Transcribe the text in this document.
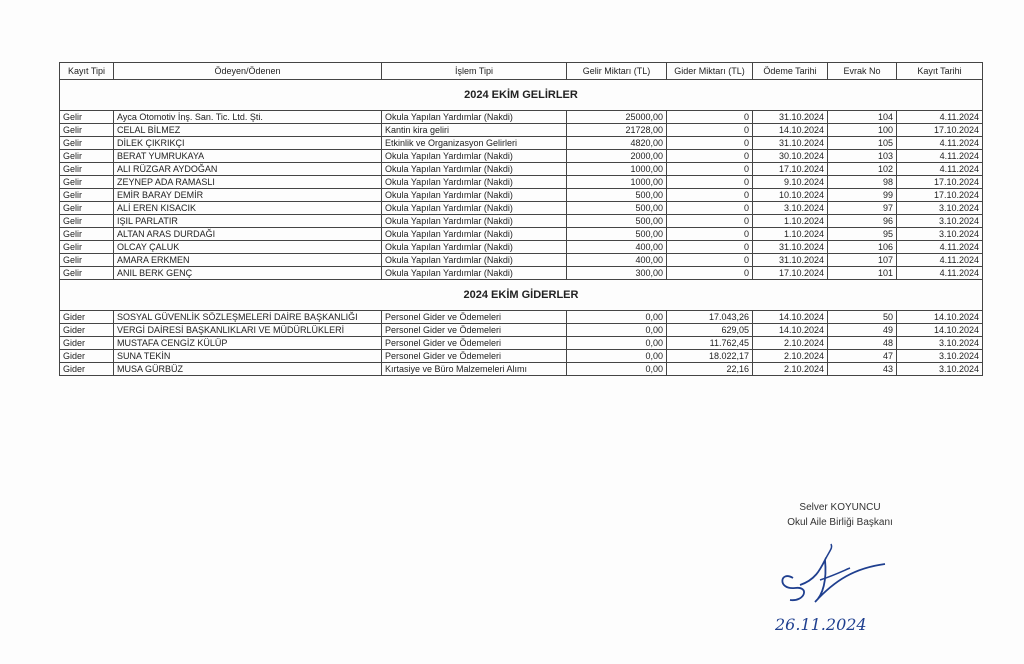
Kayıt Tipi	Ödeyen/Ödenen	İşlem Tipi	Gelir Miktarı (TL)	Gider Miktarı (TL)	Ödeme Tarihi	Evrak No	Kayıt Tarihi
2024 EKİM GELİRLER							
Gelir	Ayca Otomotiv İnş. San. Tic. Ltd. Şti.	Okula Yapılan Yardımlar (Nakdi)	25000,00	0	31.10.2024	104	4.11.2024
Gelir	CELAL BİLMEZ	Kantin kira geliri	21728,00	0	14.10.2024	100	17.10.2024
Gelir	DİLEK ÇIKRIKÇI	Etkinlik ve Organizasyon Gelirleri	4820,00	0	31.10.2024	105	4.11.2024
Gelir	BERAT YUMRUKAYA	Okula Yapılan Yardımlar (Nakdi)	2000,00	0	30.10.2024	103	4.11.2024
Gelir	ALI RÜZGAR AYDOĞAN	Okula Yapılan Yardımlar (Nakdi)	1000,00	0	17.10.2024	102	4.11.2024
Gelir	ZEYNEP ADA RAMASLI	Okula Yapılan Yardımlar (Nakdi)	1000,00	0	9.10.2024	98	17.10.2024
Gelir	EMİR BARAY DEMİR	Okula Yapılan Yardımlar (Nakdi)	500,00	0	10.10.2024	99	17.10.2024
Gelir	ALİ EREN KISACIK	Okula Yapılan Yardımlar (Nakdi)	500,00	0	3.10.2024	97	3.10.2024
Gelir	IŞIL PARLATIR	Okula Yapılan Yardımlar (Nakdi)	500,00	0	1.10.2024	96	3.10.2024
Gelir	ALTAN ARAS DURDAĞI	Okula Yapılan Yardımlar (Nakdi)	500,00	0	1.10.2024	95	3.10.2024
Gelir	OLCAY ÇALUK	Okula Yapılan Yardımlar (Nakdi)	400,00	0	31.10.2024	106	4.11.2024
Gelir	AMARA ERKMEN	Okula Yapılan Yardımlar (Nakdi)	400,00	0	31.10.2024	107	4.11.2024
Gelir	ANIL BERK GENÇ	Okula Yapılan Yardımlar (Nakdi)	300,00	0	17.10.2024	101	4.11.2024
2024 EKİM GİDERLER							
Gider	SOSYAL GÜVENLİK SÖZLEŞMELERİ DAİRE BAŞKANLIĞI	Personel Gider ve Ödemeleri	0,00	17.043,26	14.10.2024	50	14.10.2024
Gider	VERGİ DAİRESİ BAŞKANLIKLARI VE MÜDÜRLÜKLERİ	Personel Gider ve Ödemeleri	0,00	629,05	14.10.2024	49	14.10.2024
Gider	MUSTAFA CENGİZ KÜLÜP	Personel Gider ve Ödemeleri	0,00	11.762,45	2.10.2024	48	3.10.2024
Gider	SUNA TEKİN	Personel Gider ve Ödemeleri	0,00	18.022,17	2.10.2024	47	3.10.2024
Gider	MUSA GÜRBÜZ	Kırtasiye ve Büro Malzemeleri Alımı	0,00	22,16	2.10.2024	43	3.10.2024
Selver KOYUNCU
Okul Aile Birliği Başkanı
26.11.2024
